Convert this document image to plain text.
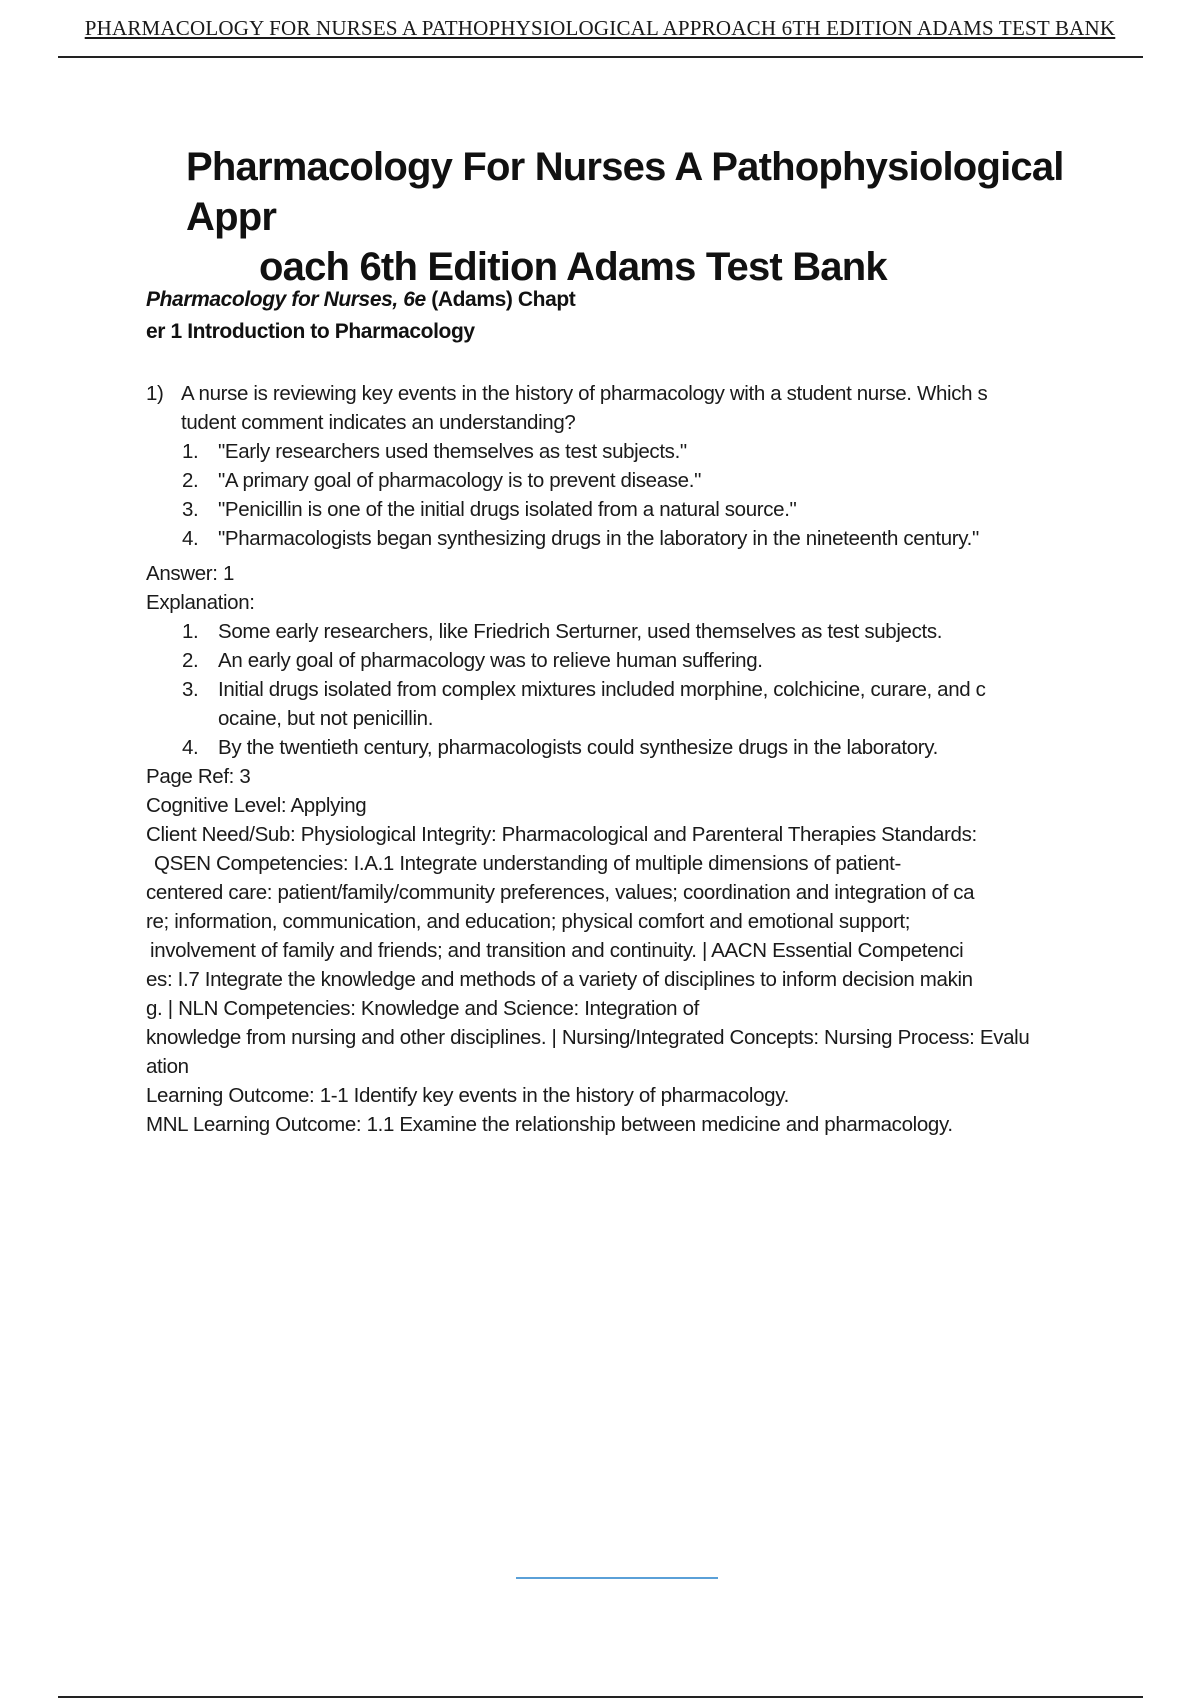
PHARMACOLOGY FOR NURSES A PATHOPHYSIOLOGICAL APPROACH 6TH EDITION ADAMS TEST BANK
Pharmacology For Nurses A Pathophysiological Appr
oach 6th Edition Adams Test Bank
Pharmacology for Nurses, 6e (Adams) Chapt
er 1 Introduction to Pharmacology
1) A nurse is reviewing key events in the history of pharmacology with a student nurse. Which s
tudent comment indicates an understanding?
1. "Early researchers used themselves as test subjects."
2. "A primary goal of pharmacology is to prevent disease."
3. "Penicillin is one of the initial drugs isolated from a natural source."
4. "Pharmacologists began synthesizing drugs in the laboratory in the nineteenth century."

Answer: 1

Explanation:

1. Some early researchers, like Friedrich Serturner, used themselves as test subjects.
2. An early goal of pharmacology was to relieve human suffering.
3. Initial drugs isolated from complex mixtures included morphine, colchicine, curare, and c
ocaine, but not penicillin.
4. By the twentieth century, pharmacologists could synthesize drugs in the laboratory.

Page Ref: 3

Cognitive Level: Applying

Client Need/Sub: Physiological Integrity: Pharmacological and Parenteral Therapies Standards:

QSEN Competencies: I.A.1 Integrate understanding of multiple dimensions of patient-

centered care: patient/family/community preferences, values; coordination and integration of ca

re; information, communication, and education; physical comfort and emotional support;

involvement of family and friends; and transition and continuity. | AACN Essential Competenci

es: I.7 Integrate the knowledge and methods of a variety of disciplines to inform decision makin

g. | NLN Competencies: Knowledge and Science: Integration of

knowledge from nursing and other disciplines. | Nursing/Integrated Concepts: Nursing Process: Evalu

ation

Learning Outcome: 1-1 Identify key events in the history of pharmacology.

MNL Learning Outcome: 1.1 Examine the relationship between medicine and pharmacology.
